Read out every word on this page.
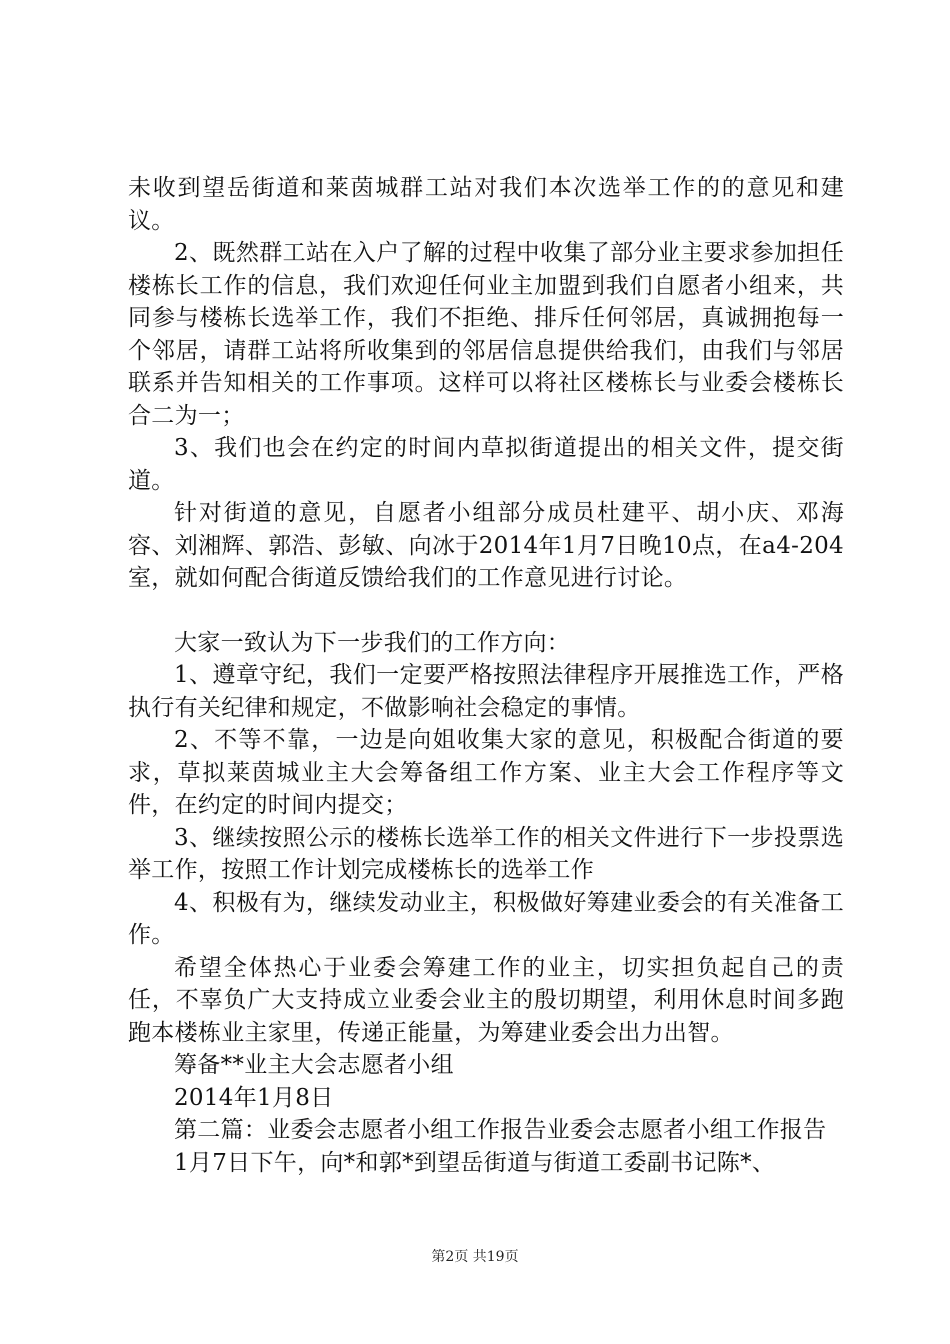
未收到望岳街道和莱茵城群工站对我们本次选举工作的的意见和建议。

2、既然群工站在入户了解的过程中收集了部分业主要求参加担任楼栋长工作的信息，我们欢迎任何业主加盟到我们自愿者小组来，共同参与楼栋长选举工作，我们不拒绝、排斥任何邻居，真诚拥抱每一个邻居，请群工站将所收集到的邻居信息提供给我们，由我们与邻居联系并告知相关的工作事项。这样可以将社区楼栋长与业委会楼栋长合二为一；

3、我们也会在约定的时间内草拟街道提出的相关文件，提交街道。

针对街道的意见，自愿者小组部分成员杜建平、胡小庆、邓海容、刘湘辉、郭浩、彭敏、向冰于2014年1月7日晚10点，在a4-204室，就如何配合街道反馈给我们的工作意见进行讨论。

大家一致认为下一步我们的工作方向：

1、遵章守纪，我们一定要严格按照法律程序开展推选工作，严格执行有关纪律和规定，不做影响社会稳定的事情。

2、不等不靠，一边是向姐收集大家的意见，积极配合街道的要求，草拟莱茵城业主大会筹备组工作方案、业主大会工作程序等文件，在约定的时间内提交；

3、继续按照公示的楼栋长选举工作的相关文件进行下一步投票选举工作，按照工作计划完成楼栋长的选举工作

4、积极有为，继续发动业主，积极做好筹建业委会的有关准备工作。

希望全体热心于业委会筹建工作的业主，切实担负起自己的责任，不辜负广大支持成立业委会业主的殷切期望，利用休息时间多跑跑本楼栋业主家里，传递正能量，为筹建业委会出力出智。

筹备**业主大会志愿者小组

2014年1月8日

第二篇：业委会志愿者小组工作报告业委会志愿者小组工作报告

1月7日下午，向*和郭*到望岳街道与街道工委副书记陈*、

第2页 共19页
